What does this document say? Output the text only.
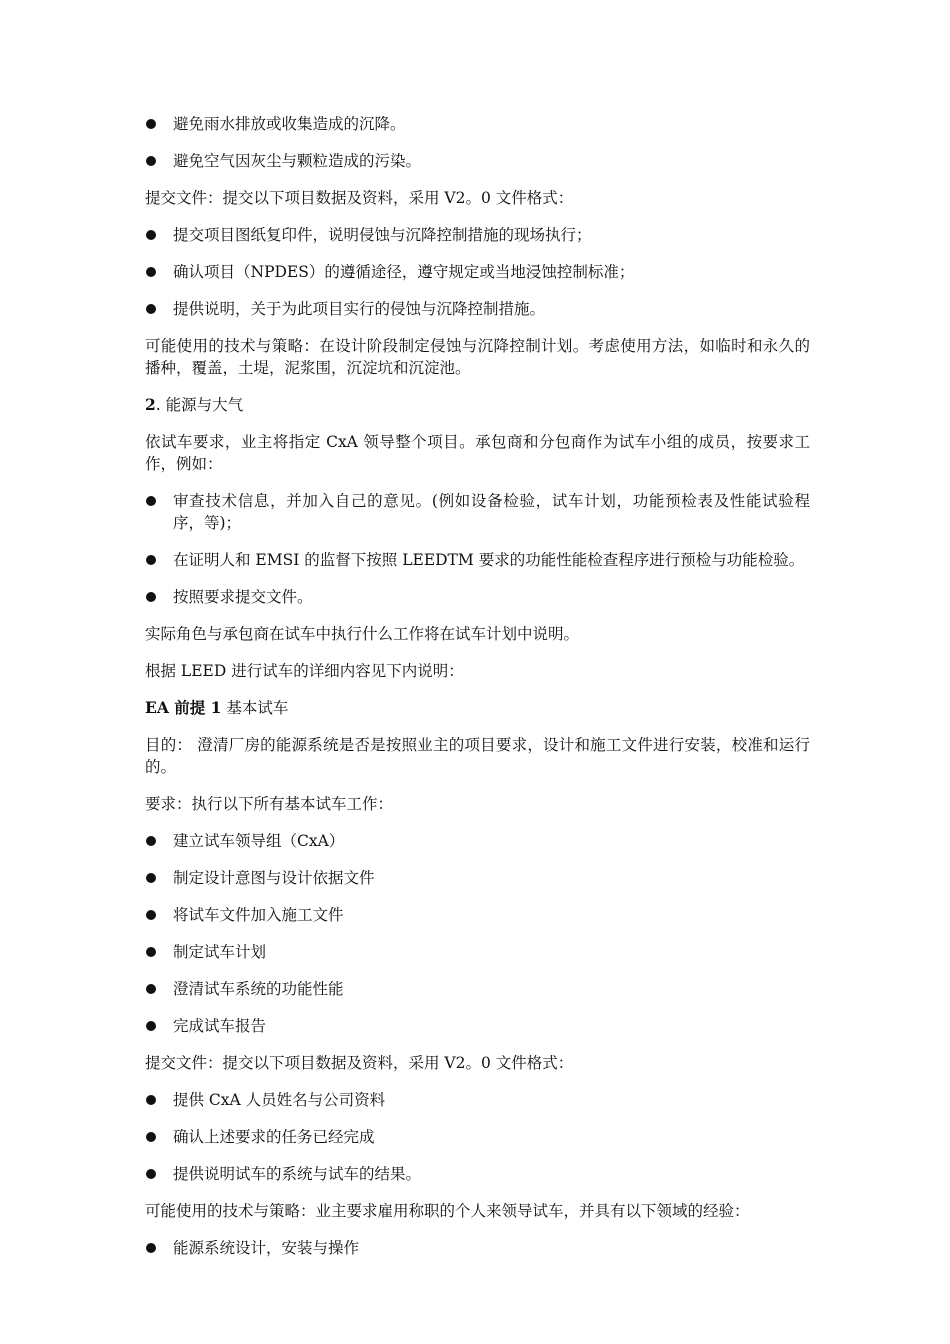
避免雨水排放或收集造成的沉降。
避免空气因灰尘与颗粒造成的污染。
提交文件：提交以下项目数据及资料，采用 V2。0 文件格式：
提交项目图纸复印件，说明侵蚀与沉降控制措施的现场执行；
确认项目（NPDES）的遵循途径，遵守规定或当地浸蚀控制标准；
提供说明，关于为此项目实行的侵蚀与沉降控制措施。
可能使用的技术与策略：在设计阶段制定侵蚀与沉降控制计划。考虑使用方法，如临时和永久的播种，覆盖，土堤，泥浆围，沉淀坑和沉淀池。
2. 能源与大气
依试车要求，业主将指定 CxA 领导整个项目。承包商和分包商作为试车小组的成员，按要求工作，例如：
审查技术信息，并加入自己的意见。(例如设备检验，试车计划，功能预检表及性能试验程序，等)；
在证明人和 EMSI 的监督下按照 LEEDTM 要求的功能性能检查程序进行预检与功能检验。
按照要求提交文件。
实际角色与承包商在试车中执行什么工作将在试车计划中说明。
根据 LEED 进行试车的详细内容见下内说明：
EA 前提 1 基本试车
目的： 澄清厂房的能源系统是否是按照业主的项目要求，设计和施工文件进行安装，校准和运行的。
要求：执行以下所有基本试车工作：
建立试车领导组（CxA）
制定设计意图与设计依据文件
将试车文件加入施工文件
制定试车计划
澄清试车系统的功能性能
完成试车报告
提交文件：提交以下项目数据及资料，采用 V2。0 文件格式：
提供 CxA 人员姓名与公司资料
确认上述要求的任务已经完成
提供说明试车的系统与试车的结果。
可能使用的技术与策略：业主要求雇用称职的个人来领导试车，并具有以下领域的经验：
能源系统设计，安装与操作
